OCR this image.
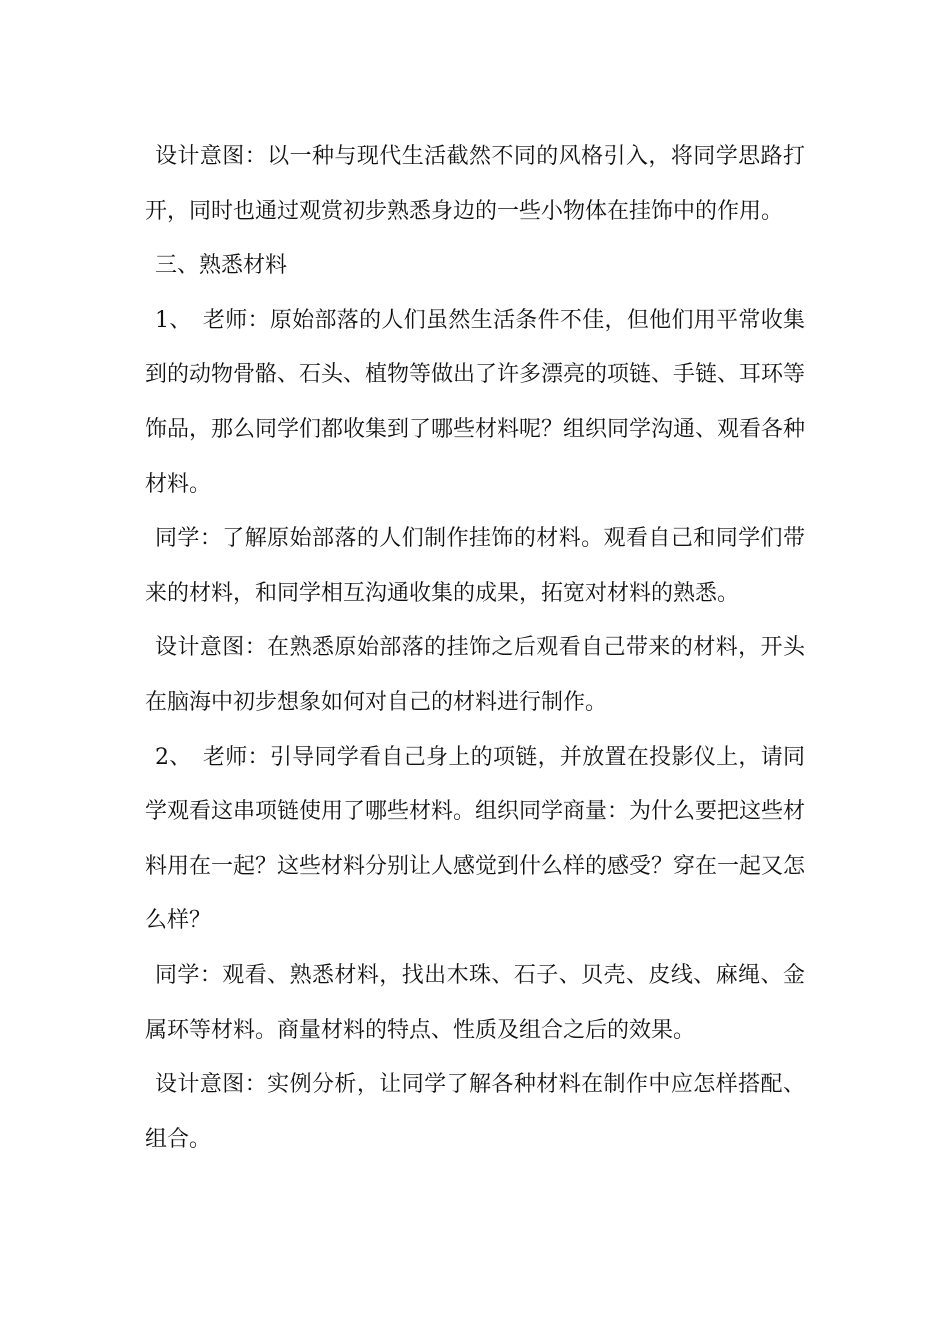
设计意图：以一种与现代生活截然不同的风格引入，将同学思路打开，同时也通过观赏初步熟悉身边的一些小物体在挂饰中的作用。

三、熟悉材料

1、　老师：原始部落的人们虽然生活条件不佳，但他们用平常收集到的动物骨骼、石头、植物等做出了许多漂亮的项链、手链、耳环等饰品，那么同学们都收集到了哪些材料呢？组织同学沟通、观看各种材料。

同学：了解原始部落的人们制作挂饰的材料。观看自己和同学们带来的材料，和同学相互沟通收集的成果，拓宽对材料的熟悉。

设计意图：在熟悉原始部落的挂饰之后观看自己带来的材料，开头在脑海中初步想象如何对自己的材料进行制作。

2、　老师：引导同学看自己身上的项链，并放置在投影仪上，请同学观看这串项链使用了哪些材料。组织同学商量：为什么要把这些材料用在一起？这些材料分别让人感觉到什么样的感受？穿在一起又怎么样？

同学：观看、熟悉材料，找出木珠、石子、贝壳、皮线、麻绳、金属环等材料。商量材料的特点、性质及组合之后的效果。

设计意图：实例分析，让同学了解各种材料在制作中应怎样搭配、组合。
